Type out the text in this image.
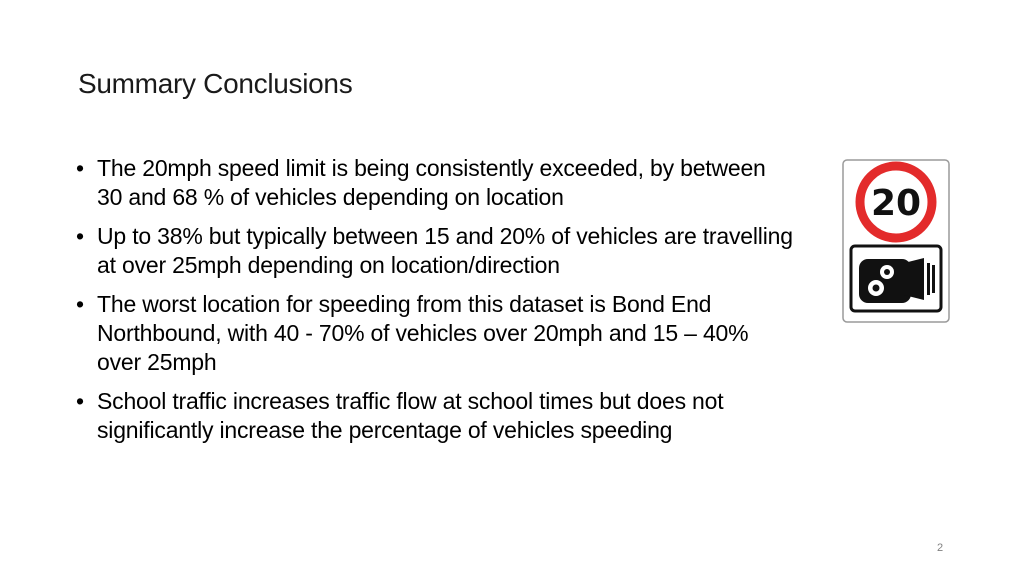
Summary Conclusions
• The 20mph speed limit is being consistently exceeded, by between 30 and 68 % of vehicles depending on location
• Up to 38% but typically between 15 and 20% of vehicles are travelling at over 25mph depending on location/direction
• The worst location for speeding from this dataset is Bond End Northbound, with 40 - 70% of vehicles over 20mph and 15 – 40% over 25mph
• School traffic increases traffic flow at school times but does not significantly increase the percentage of vehicles speeding
20
2
